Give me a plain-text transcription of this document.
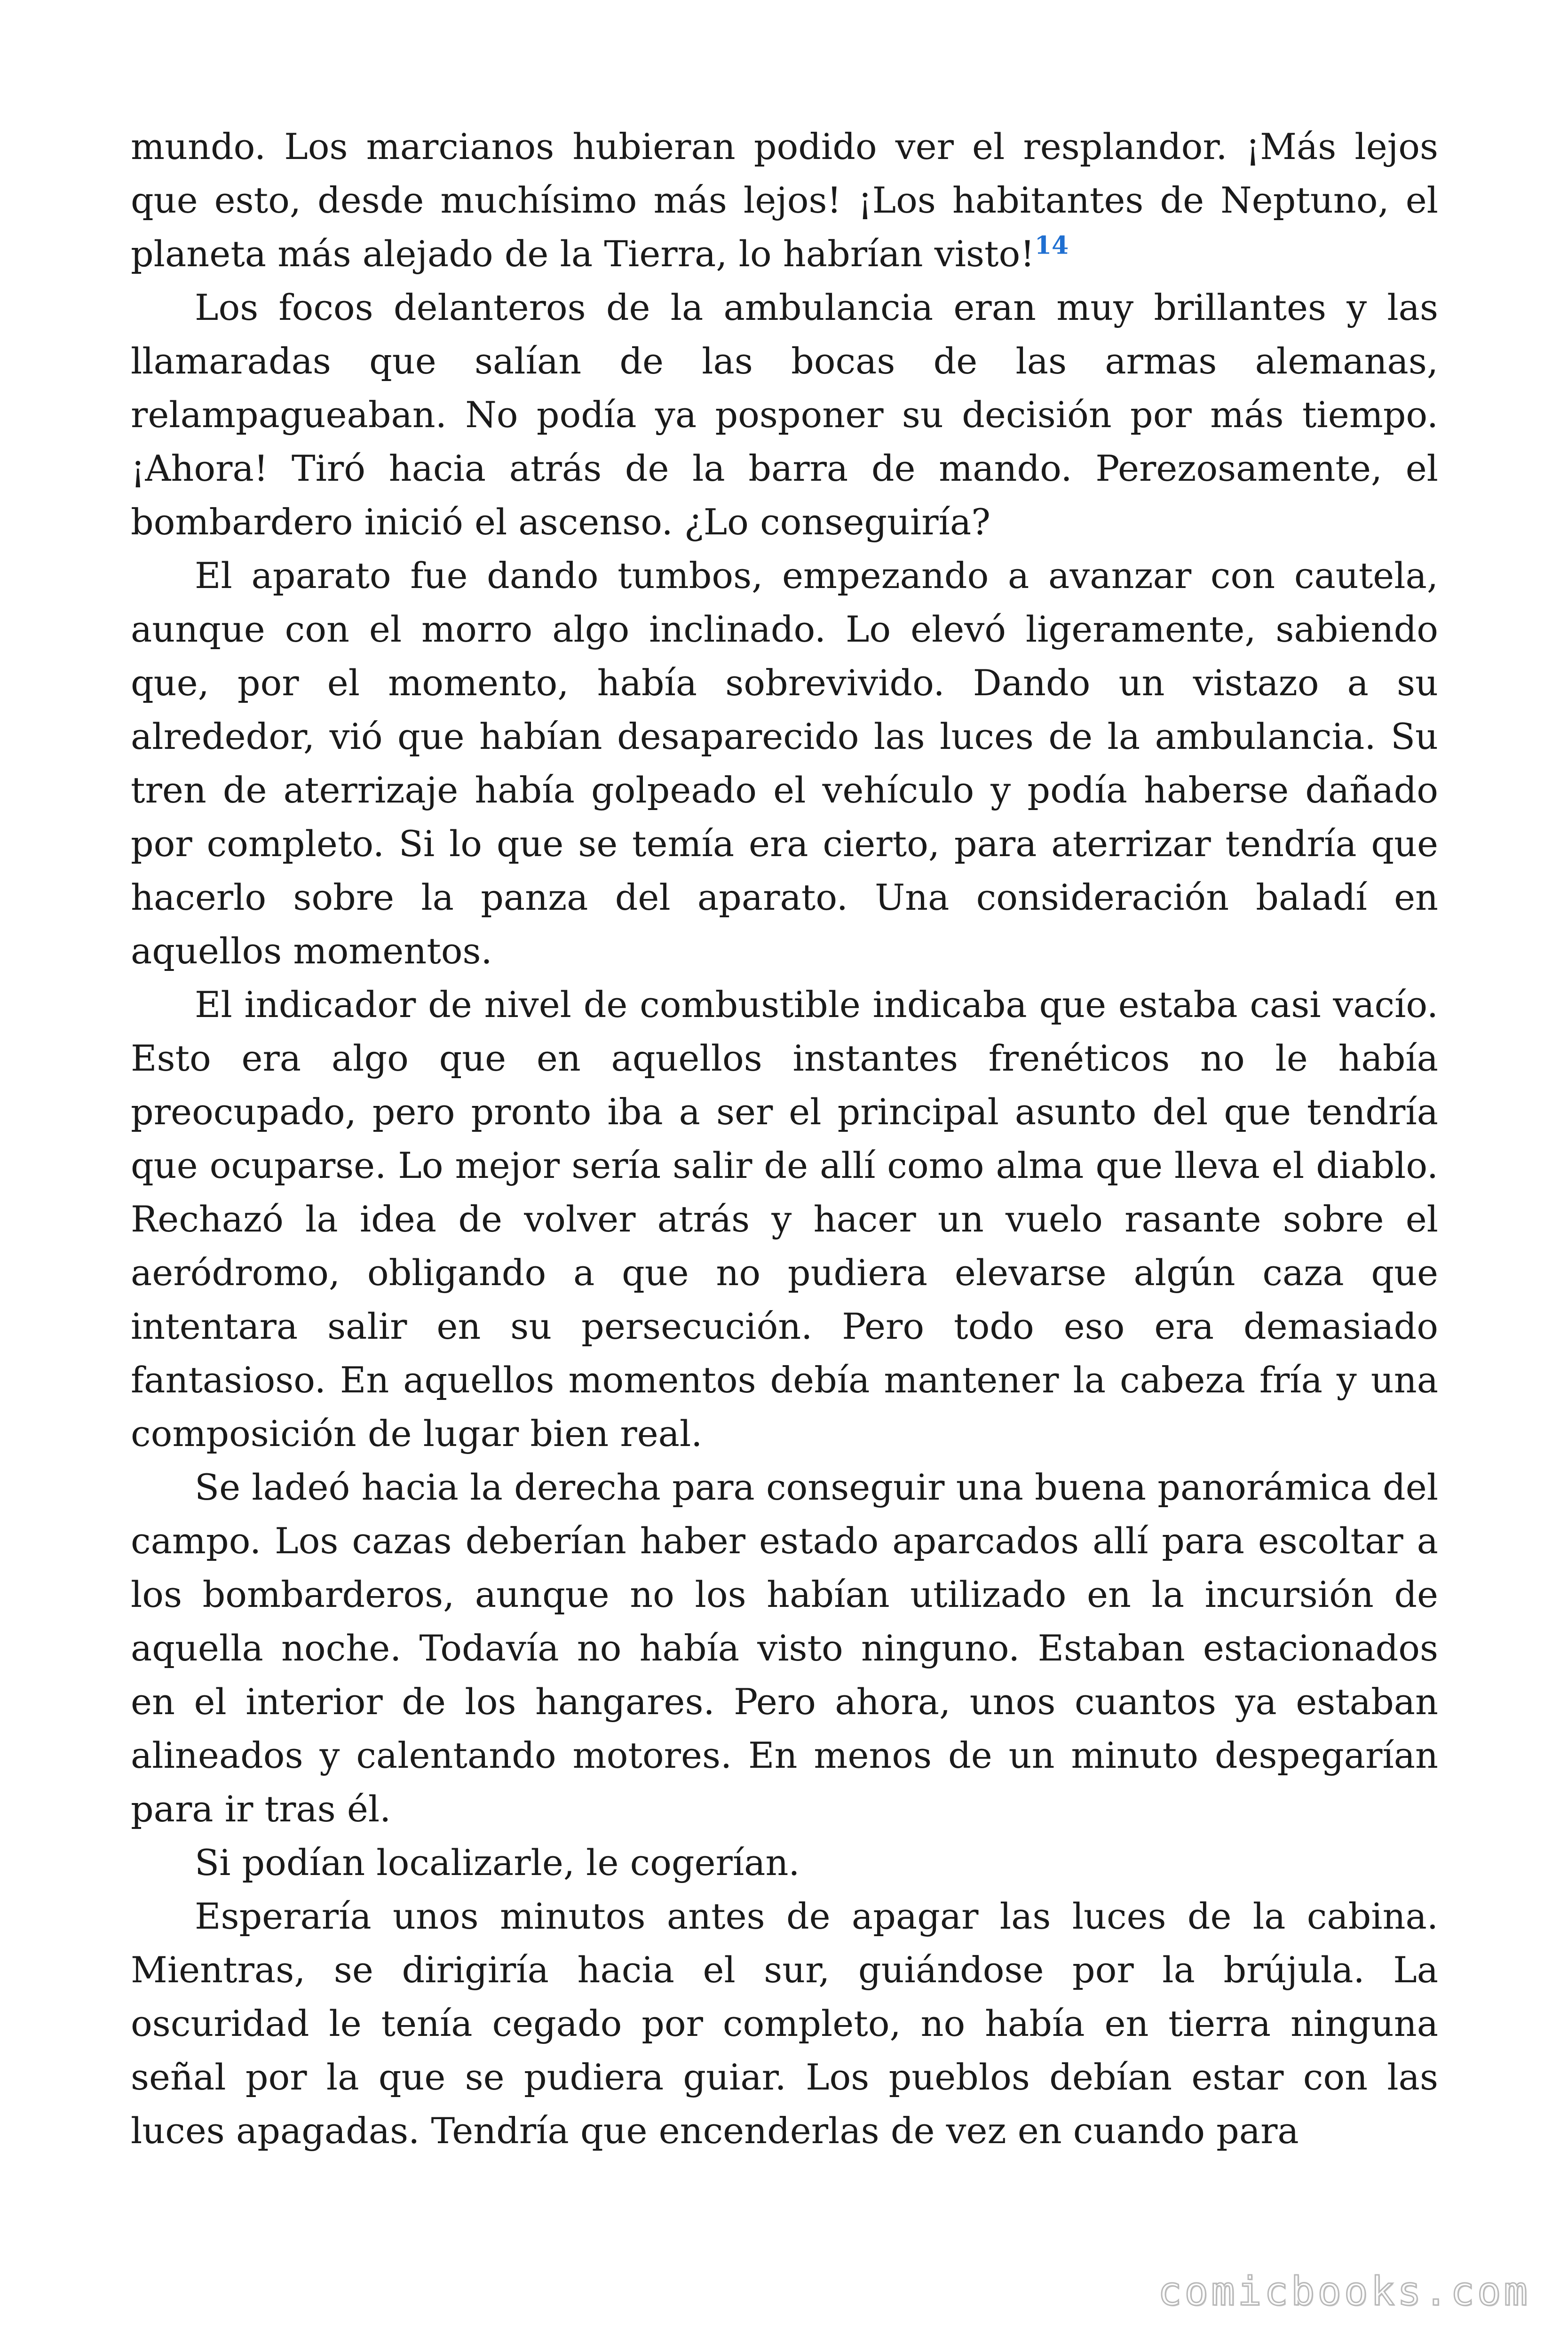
mundo. Los marcianos hubieran podido ver el resplandor. ¡Más lejos que esto, desde muchísimo más lejos! ¡Los habitantes de Neptuno, el planeta más alejado de la Tierra, lo habrían visto!$^{14}$

Los focos delanteros de la ambulancia eran muy brillantes y las llamaradas que salían de las bocas de las armas alemanas, relampagueaban. No podía ya posponer su decisión por más tiempo. ¡Ahora! Tiró hacia atrás de la barra de mando. Perezosamente, el bombardero inició el ascenso. ¿Lo conseguiría?

El aparato fue dando tumbos, empezando a avanzar con cautela, aunque con el morro algo inclinado. Lo elevó ligeramente, sabiendo que, por el momento, había sobrevivido. Dando un vistazo a su alrededor, vió que habían desaparecido las luces de la ambulancia. Su tren de aterrizaje había golpeado el vehículo y podía haberse dañado por completo. Si lo que se temía era cierto, para aterrizar tendría que hacerlo sobre la panza del aparato. Una consideración baladí en aquellos momentos.

El indicador de nivel de combustible indicaba que estaba casi vacío. Esto era algo que en aquellos instantes frenéticos no le había preocupado, pero pronto iba a ser el principal asunto del que tendría que ocuparse. Lo mejor sería salir de allí como alma que lleva el diablo. Rechazó la idea de volver atrás y hacer un vuelo rasante sobre el aeródromo, obligando a que no pudiera elevarse algún caza que intentara salir en su persecución. Pero todo eso era demasiado fantasioso. En aquellos momentos debía mantener la cabeza fría y una composición de lugar bien real.

Se ladeó hacia la derecha para conseguir una buena panorámica del campo. Los cazas deberían haber estado aparcados allí para escoltar a los bombarderos, aunque no los habían utilizado en la incursión de aquella noche. Todavía no había visto ninguno. Estaban estacionados en el interior de los hangares. Pero ahora, unos cuantos ya estaban alineados y calentando motores. En menos de un minuto despegarían para ir tras él.

Si podían localizarle, le cogerían.

Esperaría unos minutos antes de apagar las luces de la cabina. Mientras, se dirigiría hacia el sur, guiándose por la brújula. La oscuridad le tenía cegado por completo, no había en tierra ninguna señal por la que se pudiera guiar. Los pueblos debían estar con las luces apagadas. Tendría que encenderlas de vez en cuando para

comicbooks.com
